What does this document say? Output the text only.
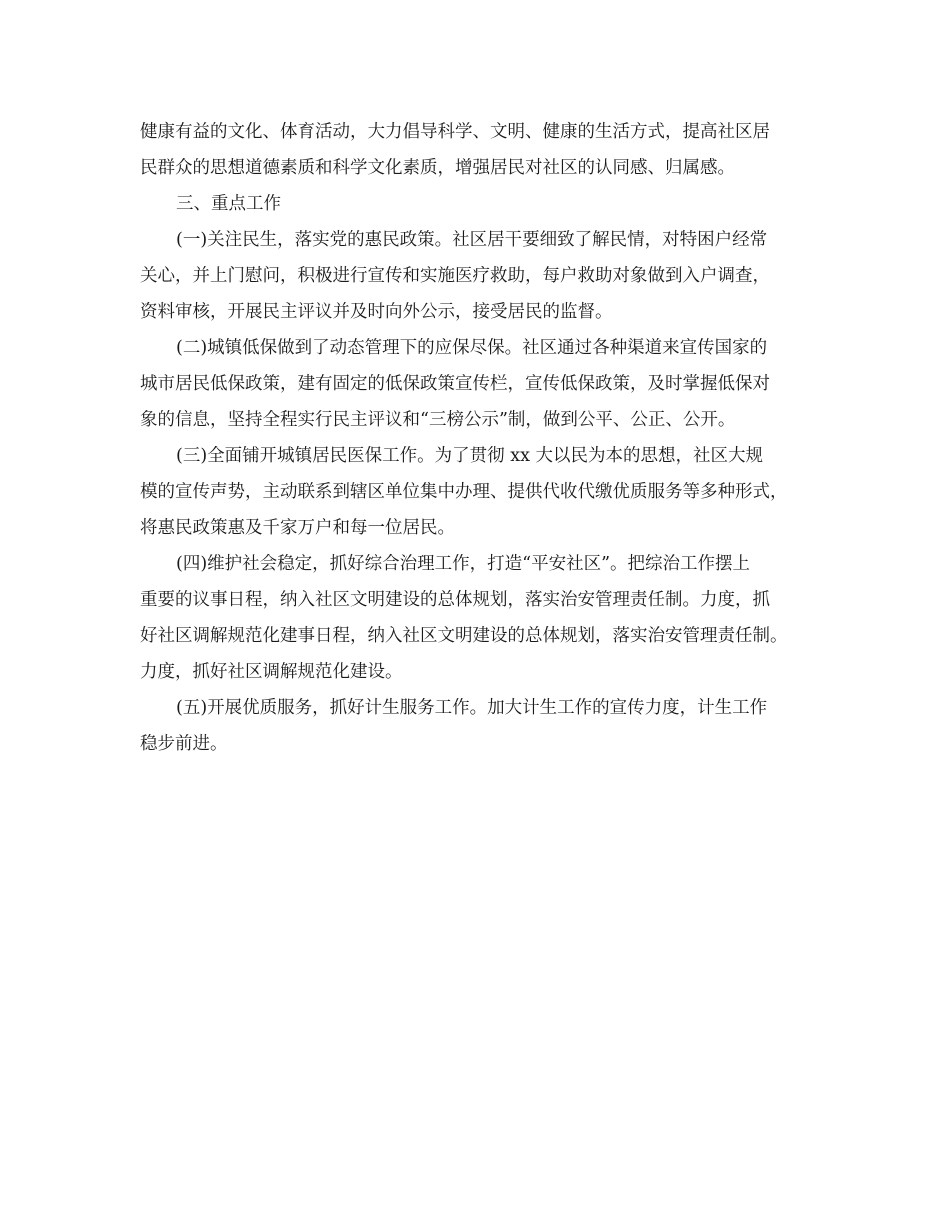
健康有益的文化、体育活动，大力倡导科学、文明、健康的生活方式，提高社区居
民群众的思想道德素质和科学文化素质，增强居民对社区的认同感、归属感。
三、重点工作
(一)关注民生，落实党的惠民政策。社区居干要细致了解民情，对特困户经常
关心，并上门慰问，积极进行宣传和实施医疗救助，每户救助对象做到入户调查，
资料审核，开展民主评议并及时向外公示，接受居民的监督。
(二)城镇低保做到了动态管理下的应保尽保。社区通过各种渠道来宣传国家的
城市居民低保政策，建有固定的低保政策宣传栏，宣传低保政策，及时掌握低保对
象的信息，坚持全程实行民主评议和“三榜公示”制，做到公平、公正、公开。
(三)全面铺开城镇居民医保工作。为了贯彻 xx 大以民为本的思想，社区大规
模的宣传声势，主动联系到辖区单位集中办理、提供代收代缴优质服务等多种形式，
将惠民政策惠及千家万户和每一位居民。
(四)维护社会稳定，抓好综合治理工作，打造“平安社区”。把综治工作摆上
重要的议事日程，纳入社区文明建设的总体规划，落实治安管理责任制。力度，抓
好社区调解规范化建事日程，纳入社区文明建设的总体规划，落实治安管理责任制。
力度，抓好社区调解规范化建设。
(五)开展优质服务，抓好计生服务工作。加大计生工作的宣传力度，计生工作
稳步前进。
